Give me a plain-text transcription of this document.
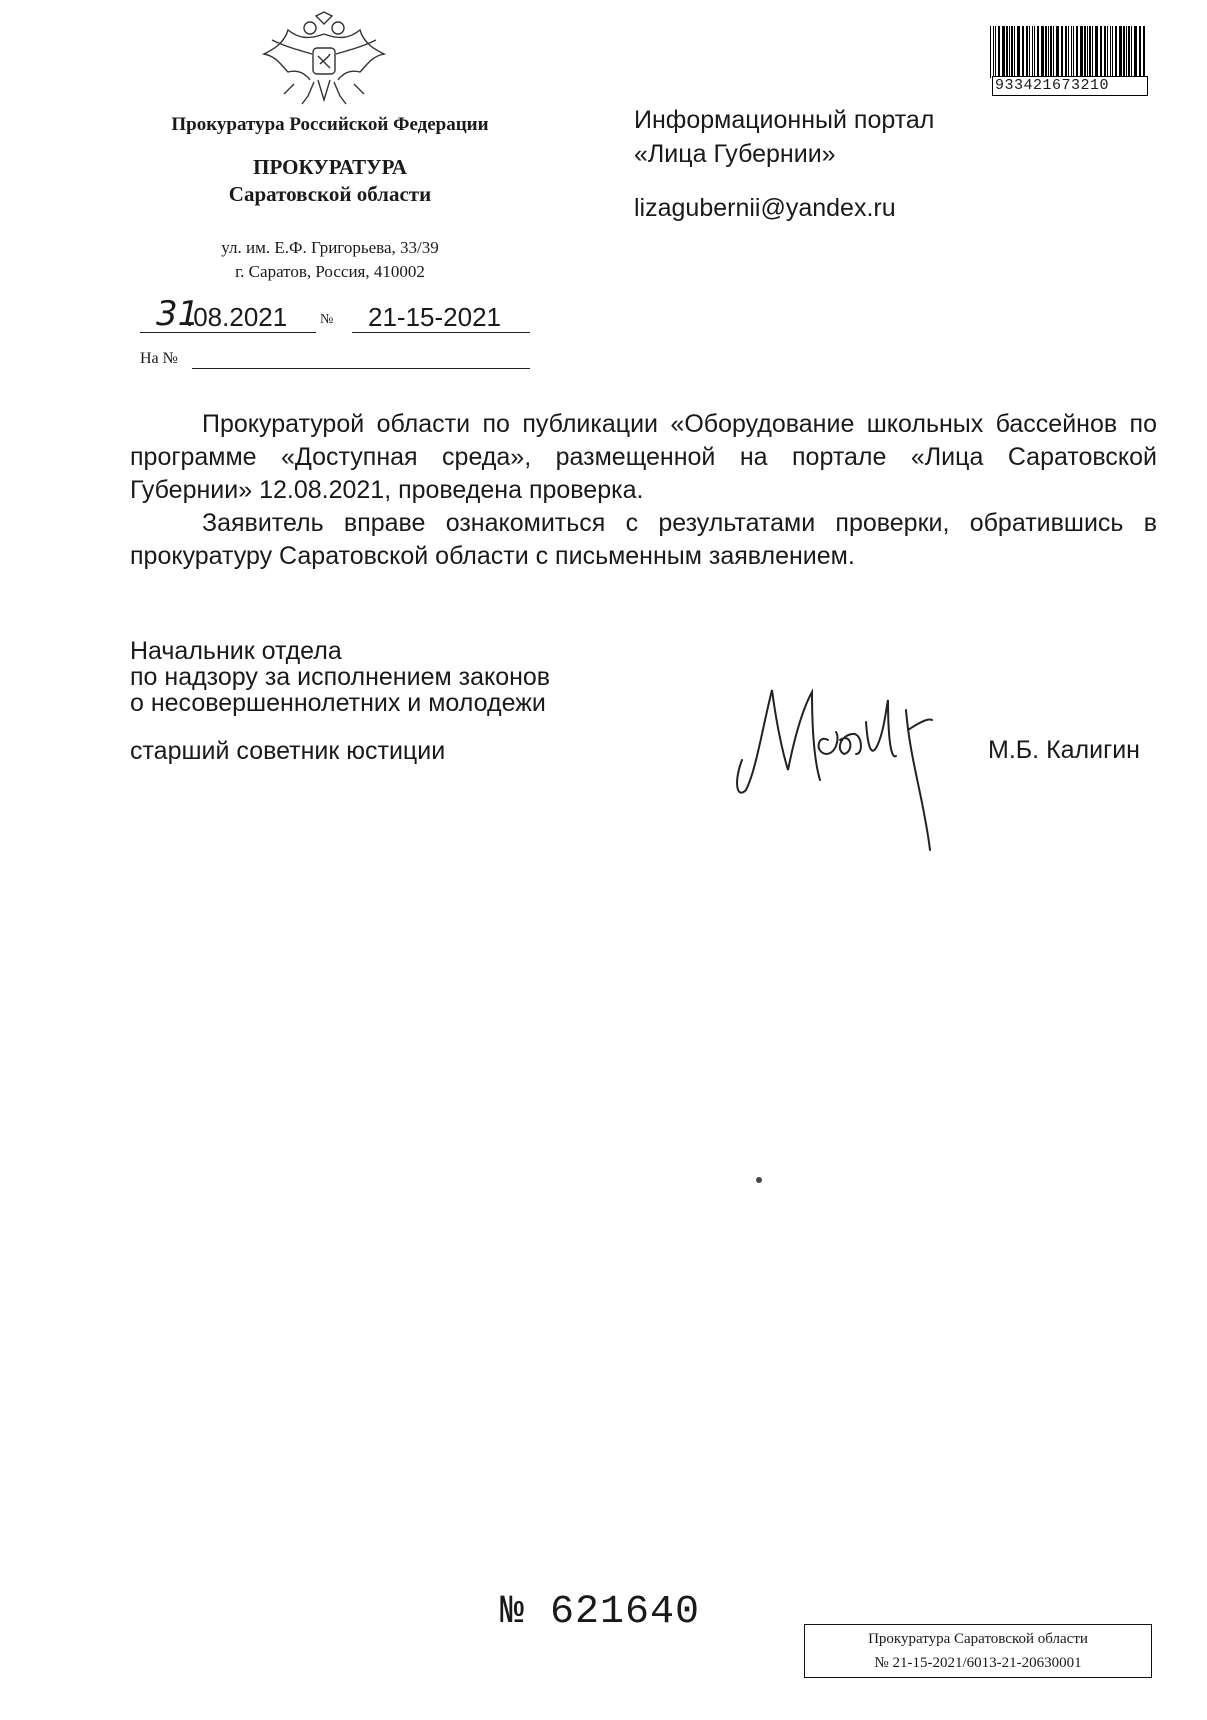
Прокуратура Российской Федерации
ПРОКУРАТУРА
Саратовской области
ул. им. Е.Ф. Григорьева, 33/39
г. Саратов, Россия, 410002
31
.08.2021 № 21-15-2021
На №
Информационный портал
«Лица Губернии»
lizagubernii@yandex.ru
933421673210

Прокуратурой области по публикации «Оборудование школьных бассейнов по программе «Доступная среда», размещенной на портале «Лица Саратовской Губернии» 12.08.2021, проведена проверка.

Заявитель вправе ознакомиться с результатами проверки, обратившись в прокуратуру Саратовской области с письменным заявлением.

Начальник отдела
по надзору за исполнением законов
о несовершеннолетних и молодежи
старший советник юстиции	М.Б. Калигин
№ 621640
Прокуратура Саратовской области
№ 21-15-2021/6013-21-20630001
